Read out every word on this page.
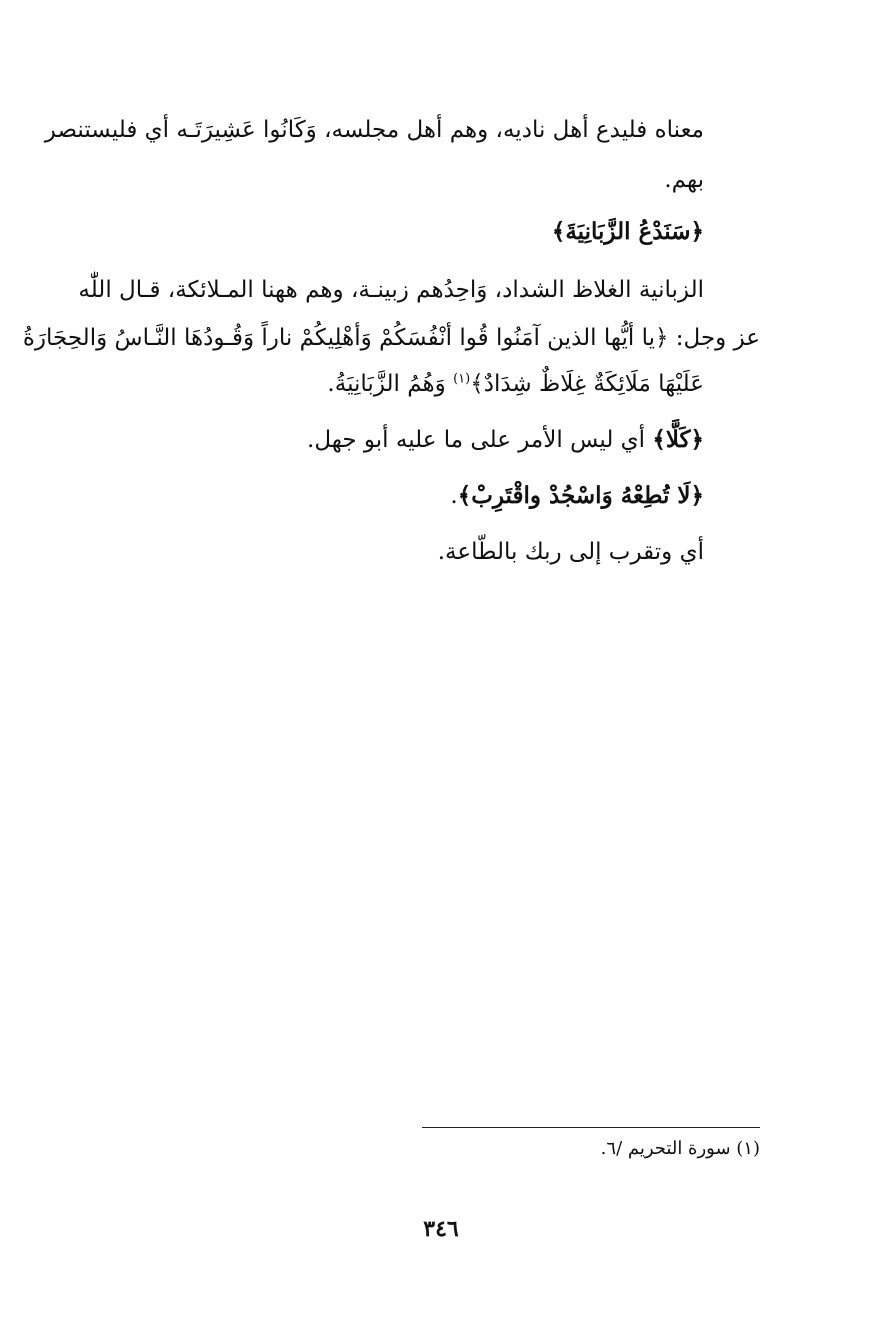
معناه فليدع أهل ناديه، وهم أهل مجلسه، وَكَانُوا عَشِيرَتَـه أي فليستنصر
بهم.
﴿سَنَدْعُ الزَّبَانِيَةَ﴾
الزبانية الغلاظ الشداد، وَاحِدُهم زبينـة، وهم ههنا المـلائكة، قـال اللّٰه
عز وجل: ﴿يا أيُّها الذين آمَنُوا قُوا أنْفُسَكُمْ وَأهْلِيكُمْ ناراً وَقُـودُهَا النَّـاسُ وَالحِجَارَةُ
عَلَيْهَا مَلَائِكَةٌ غِلَاظٌ شِدَادٌ﴾$^{(١)}$ وَهُمُ الزَّبَانِيَةُ.
﴿كَلَّا﴾ أي ليس الأمر على ما عليه أبو جهل.
﴿لَا تُطِعْهُ وَاسْجُدْ واقْتَرِبْ﴾.
أي وتقرب إلى ربك بالطّاعة.
(١) سورة التحريم /٦.
٣٤٦
